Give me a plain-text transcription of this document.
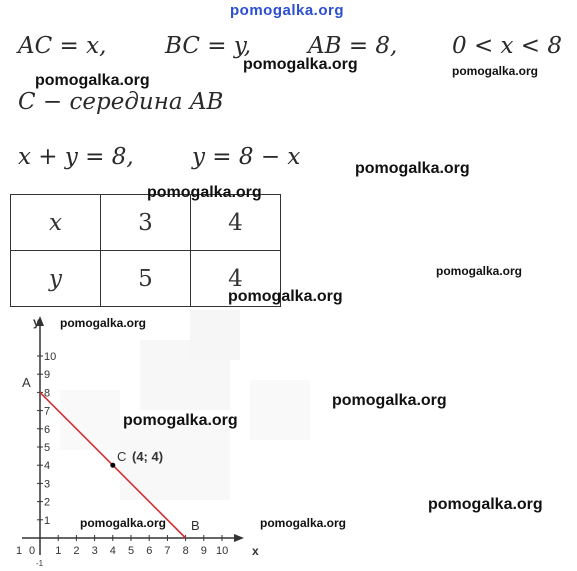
pomogalka.org
AC = x,	BC = y, AB = 8, 0 < x < 8
pomogalka.org
pomogalka.org	pomogalka.org
C − середина AB
x + y = 8,	y = 8 − x	pomogalka.org
x	3	4
y	5	4
pomogalka.org
pomogalka.org
pomogalka.org
y
x
0
-1
1	1 2 3 4 5 6 7 8 9 10
1
2
3
4
5
6
7
8
9
10
A
B
C (4; 4)
pomogalka.org
pomogalka.org
pomogalka.org
pomogalka.org
pomogalka.org	pomogalka.org
